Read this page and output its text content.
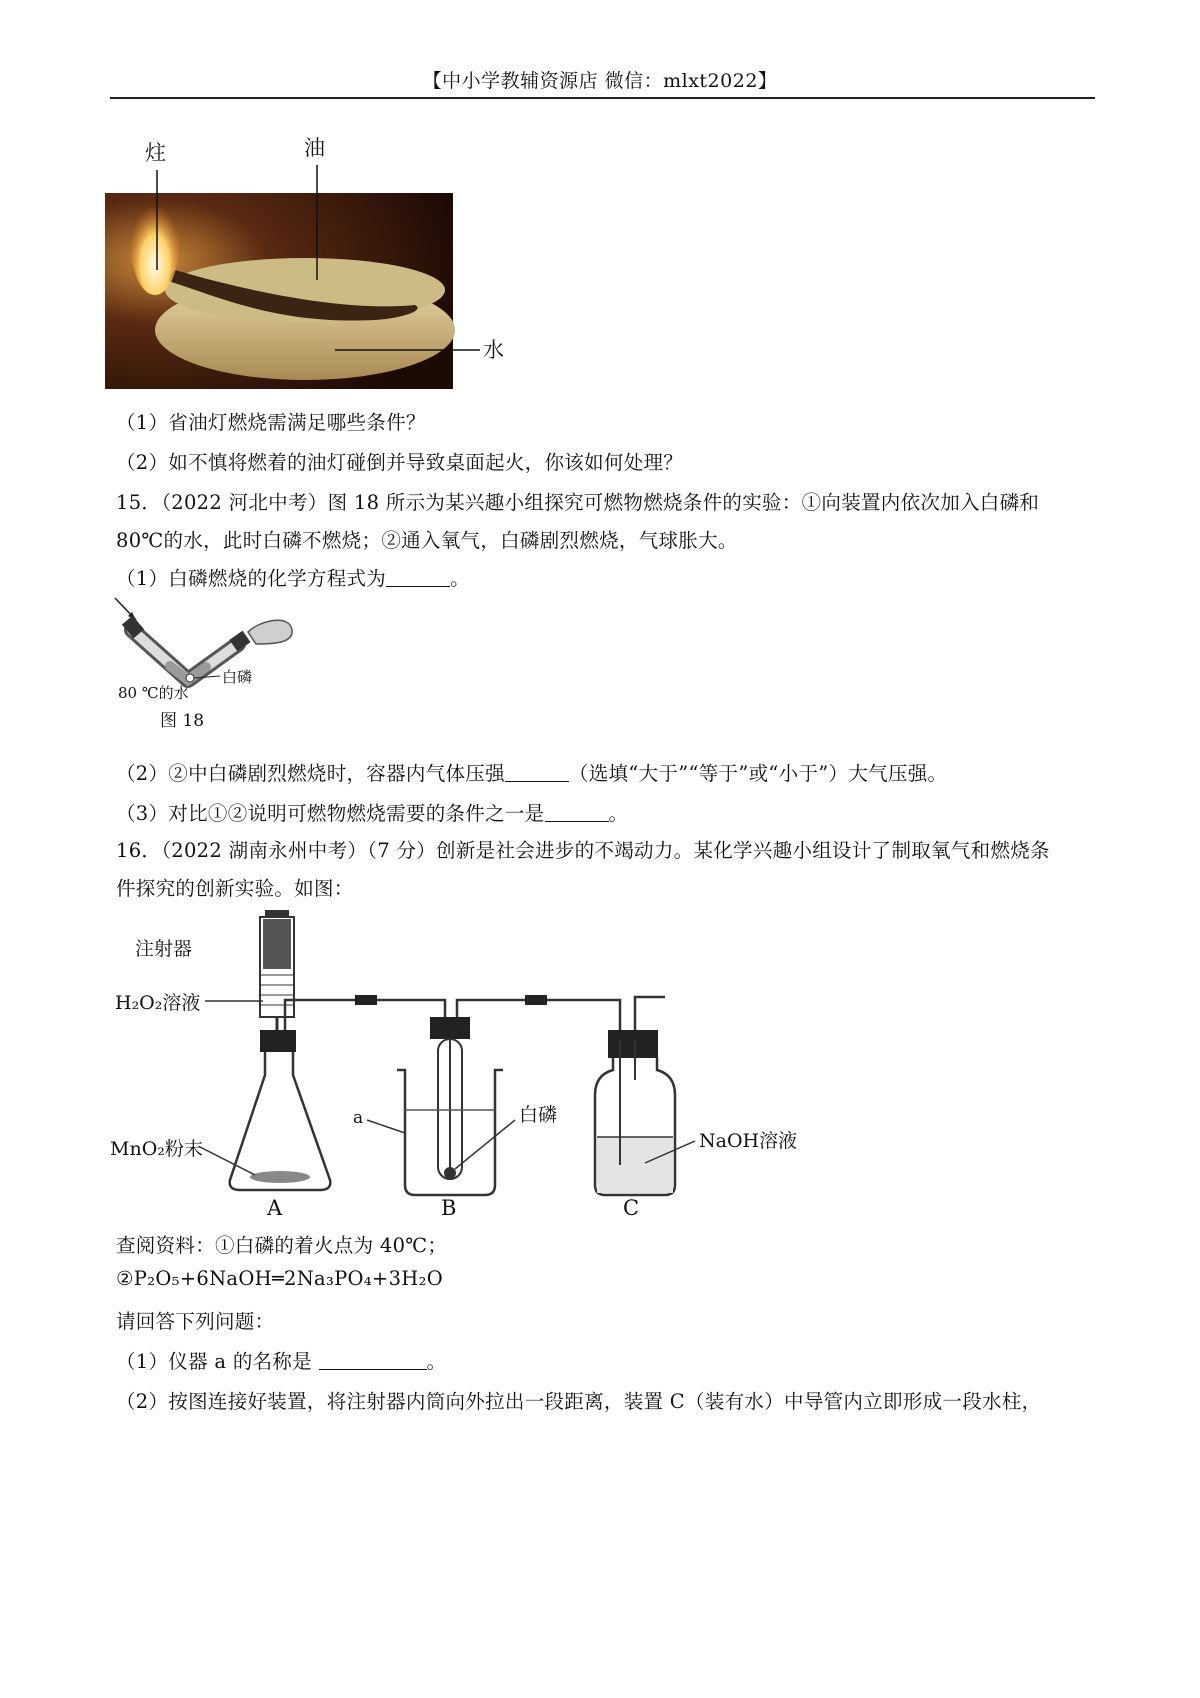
【中小学教辅资源店 微信：mlxt2022】
炷	油
水
（1）省油灯燃烧需满足哪些条件？
（2）如不慎将燃着的油灯碰倒并导致桌面起火，你该如何处理？
15．（2022 河北中考）图 18 所示为某兴趣小组探究可燃物燃烧条件的实验：①向装置内依次加入白磷和
80℃的水，此时白磷不燃烧；②通入氧气，白磷剧烈燃烧，气球胀大。
（1）白磷燃烧的化学方程式为	。
白磷
80 ℃的水
图 18
（2）②中白磷剧烈燃烧时，容器内气体压强	（选填“大于”“等于”或“小于”）大气压强。
（3）对比①②说明可燃物燃烧需要的条件之一是	。
16．（2022 湖南永州中考）（7 分）创新是社会进步的不竭动力。某化学兴趣小组设计了制取氧气和燃烧条
件探究的创新实验。如图：
注射器
H₂O₂溶液
MnO₂粉末
a	白磷
NaOH溶液
A	B	C
查阅资料：①白磷的着火点为 40℃；
②P₂O₅+6NaOH═2Na₃PO₄+3H₂O
请回答下列问题：
（1）仪器 a 的名称是	。
（2）按图连接好装置，将注射器内筒向外拉出一段距离，装置 C（装有水）中导管内立即形成一段水柱，
